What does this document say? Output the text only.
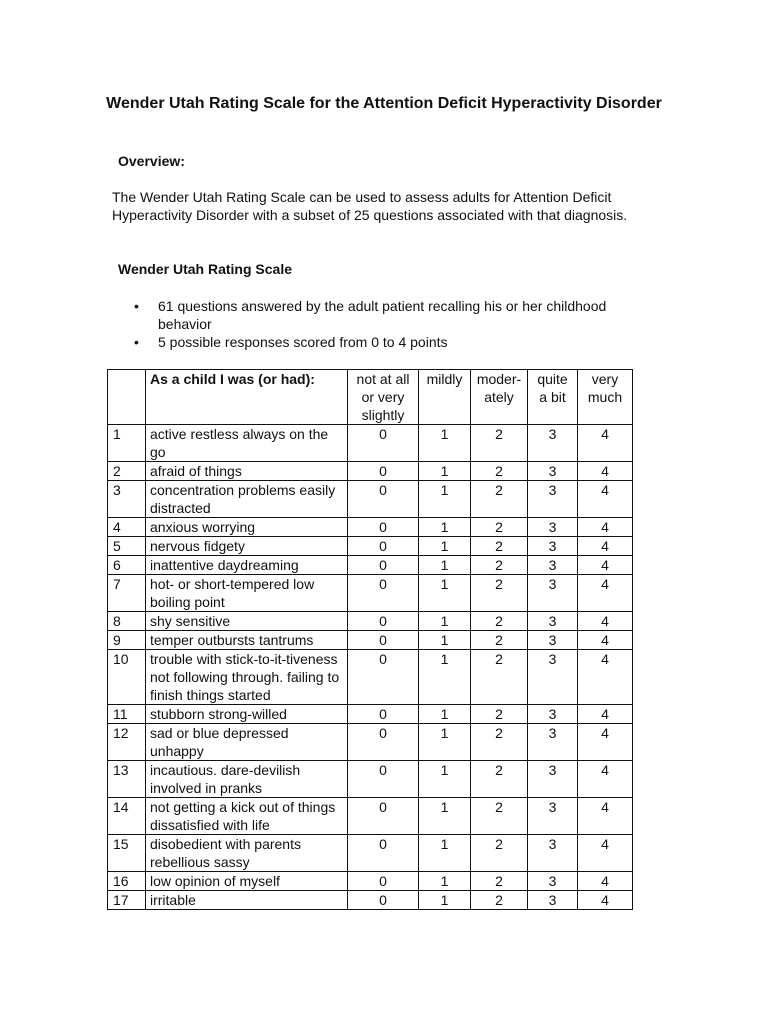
Wender Utah Rating Scale for the Attention Deficit Hyperactivity Disorder

Overview:

The Wender Utah Rating Scale can be used to assess adults for Attention Deficit Hyperactivity Disorder with a subset of 25 questions associated with that diagnosis.

Wender Utah Rating Scale

• 61 questions answered by the adult patient recalling his or her childhood behavior
• 5 possible responses scored from 0 to 4 points
	As a child I was (or had):	not at all or very slightly	mildly	moder-ately	quite a bit	very much
1	active restless always on the go	0	1	2	3	4
2	afraid of things	0	1	2	3	4
3	concentration problems easily distracted	0	1	2	3	4
4	anxious worrying	0	1	2	3	4
5	nervous fidgety	0	1	2	3	4
6	inattentive daydreaming	0	1	2	3	4
7	hot- or short-tempered low boiling point	0	1	2	3	4
8	shy sensitive	0	1	2	3	4
9	temper outbursts tantrums	0	1	2	3	4
10	trouble with stick-to-it-tiveness not following through. failing to finish things started	0	1	2	3	4
11	stubborn strong-willed	0	1	2	3	4
12	sad or blue depressed unhappy	0	1	2	3	4
13	incautious. dare-devilish involved in pranks	0	1	2	3	4
14	not getting a kick out of things dissatisfied with life	0	1	2	3	4
15	disobedient with parents rebellious sassy	0	1	2	3	4
16	low opinion of myself	0	1	2	3	4
17	irritable	0	1	2	3	4
